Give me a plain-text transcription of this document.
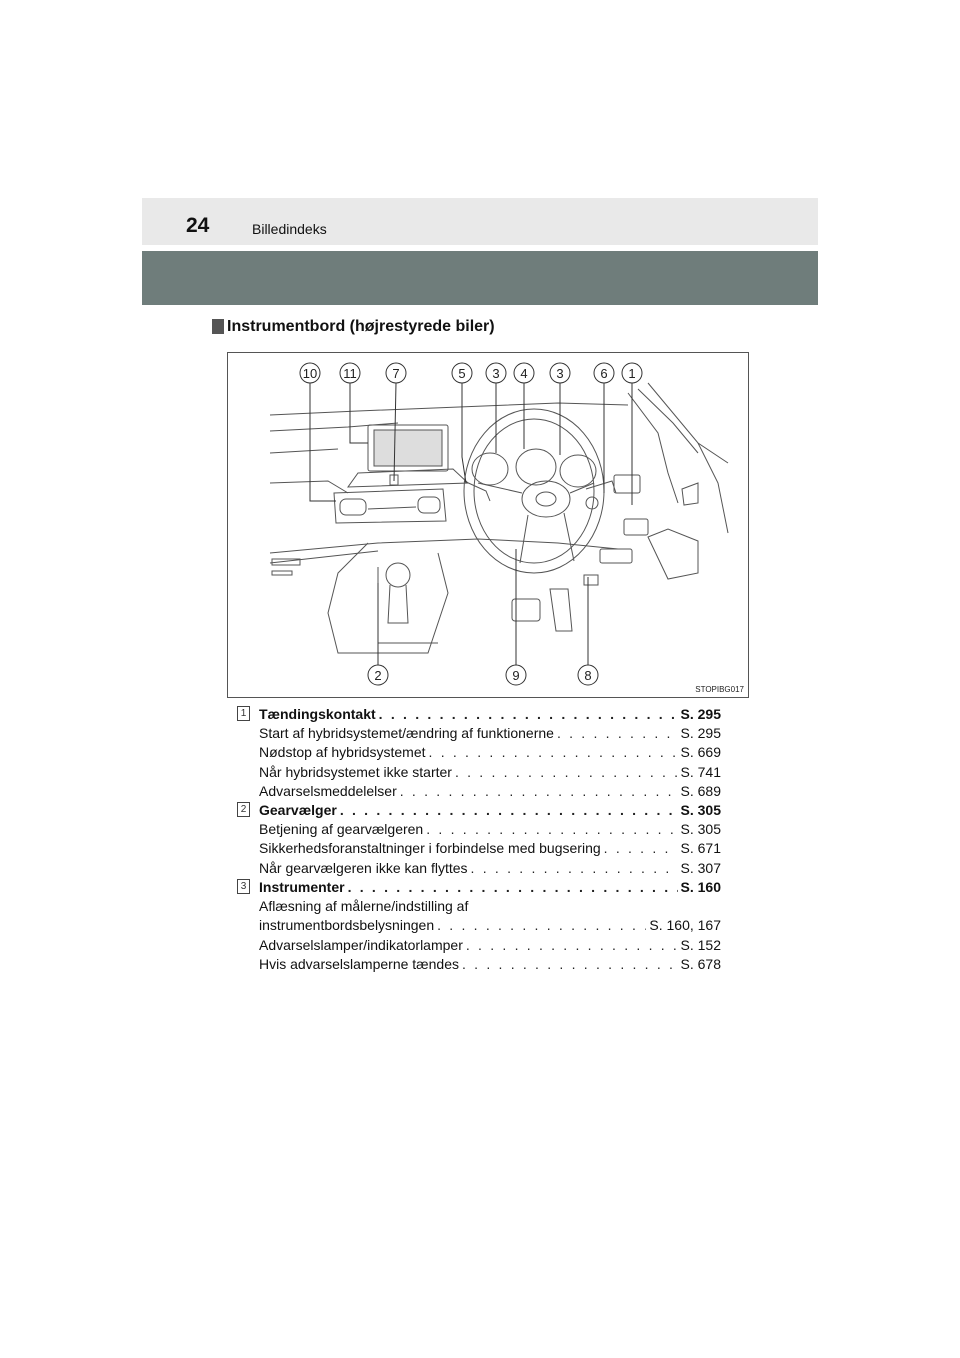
24	Billedindeks
Instrumentbord (højrestyrede biler)
10 11	7	5 3 4 3	6 1
2	9	8
STOPIBG017
1 Tændingskontakt . . .	S. 295
Start af hybridsystemet/ændring af funktionerne . . .	S. 295
Nødstop af hybridsystemet . . .	S. 669
Når hybridsystemet ikke starter . . .	S. 741
Advarselsmeddelelser . . .	S. 689
2 Gearvælger . . .	S. 305
Betjening af gearvælgeren . . .	S. 305
Sikkerhedsforanstaltninger i forbindelse med bugsering . . .	S. 671
Når gearvælgeren ikke kan flyttes . . .	S. 307
3 Instrumenter . . .	S. 160
Aflæsning af målerne/indstilling af
instrumentbordsbelysningen . . .	S. 160, 167
Advarselslamper/indikatorlamper . . .	S. 152
Hvis advarselslamperne tændes . . .	S. 678
